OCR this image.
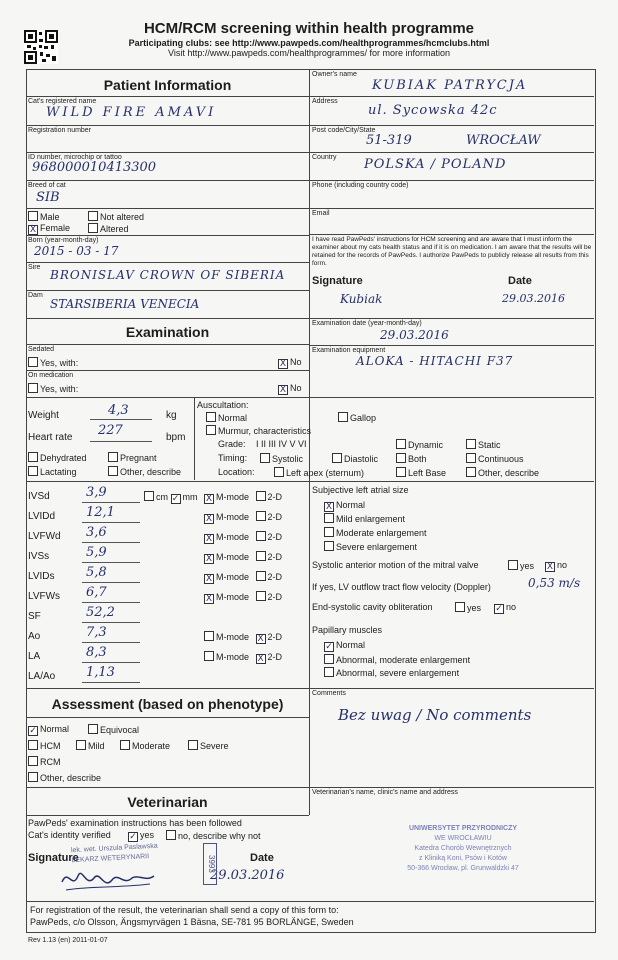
HCM/RCM screening within health programme
Participating clubs: see http://www.pawpeds.com/healthprogrammes/hcmclubs.html
Visit http://www.pawpeds.com/healthprogrammes/ for more information
Patient Information
Cat's registered name
WILD FIRE AMAVI
Registration number
ID number, microchip or tattoo
968000010413300
Breed of cat
SIB
Male	Not altered
X Female	Altered
Born (year-month-day)
2015 - 03 - 17
Sire
BRONISLAV CROWN OF SIBERIA
Dam
STARSIBERIA VENECIA
Owner's name
KUBIAK PATRYCJA
Address
ul. Sycowska 42c
Post code/City/State
51-319	WROCŁAW
Country POLSKA / POLAND
Phone (including country code)
Email
I have read PawPeds' instructions for HCM screening and are aware that I must inform the examiner about my cats health status and if it is on medication. I am aware that the results will be retained for the records of PawPeds. I authorize PawPeds to publicly release all results from this form.
Signature	Date
Kubiak	29.03.2016
Examination
Examination date (year-month-day)
29.03.2016
Sedated
Yes, with:	X No
Examination equipment
ALOKA - HITACHI F37
On medication
Yes, with:	X No
Weight	4,3	kg
Heart rate 227	bpm
Dehydrated	Pregnant
Lactating	Other, describe
Auscultation:
Normal	Gallop
Murmur, characteristics
Grade: I II III IV V VI	Dynamic	Static
Timing:	Systolic	Diastolic	Both	Continuous
Location:	Left apex (sternum)	Left Base	Other, describe
IVSd	3,9	cm ✓ mm X M-mode 2-D
LVIDd 12,1	X M-mode 2-D
LVFWd 3,6	X M-mode 2-D
IVSs	5,9	X M-mode 2-D
LVIDs 5,8	X M-mode 2-D
LVFWs 6,7	X M-mode 2-D
SF	52,2
Ao	7,3	M-mode X 2-D
LA	8,3	M-mode X 2-D
LA/Ao 1,13
Subjective left atrial size
X Normal
Mild enlargement
Moderate enlargement
Severe enlargement
Systolic anterior motion of the mitral valve	yes X no
If yes, LV outflow tract flow velocity (Doppler)	0,53 m/s
End-systolic cavity obliteration	yes ✓ no
Papillary muscles
✓ Normal
Abnormal, moderate enlargement
Abnormal, severe enlargement
Assessment (based on phenotype)
✓ Normal	Equivocal
HCM	Mild	Moderate	Severe
RCM
Other, describe
Comments
Bez uwag / No comments
Veterinarian
PawPeds' examination instructions has been followed
Cat's identity verified ✓ yes	no, describe why not
Signature	Date
29.03.2016
lek. wet. Urszula Paslawska
LEKARZ WETERYNARII	3993
Veterinarian's name, clinic's name and address
UNIWERSYTET PRZYRODNICZY
WE WROCŁAWIU
Katedra Chorób Wewnętrznych
z Kliniką Koni, Psów i Kotów
50-366 Wrocław, pl. Grunwaldzki 47
For registration of the result, the veterinarian shall send a copy of this form to:
PawPeds, c/o Olsson, Ängsmyrvägen 1 Bäsna, SE-781 95 BORLÄNGE, Sweden
Rev 1.13 (en) 2011-01-07
